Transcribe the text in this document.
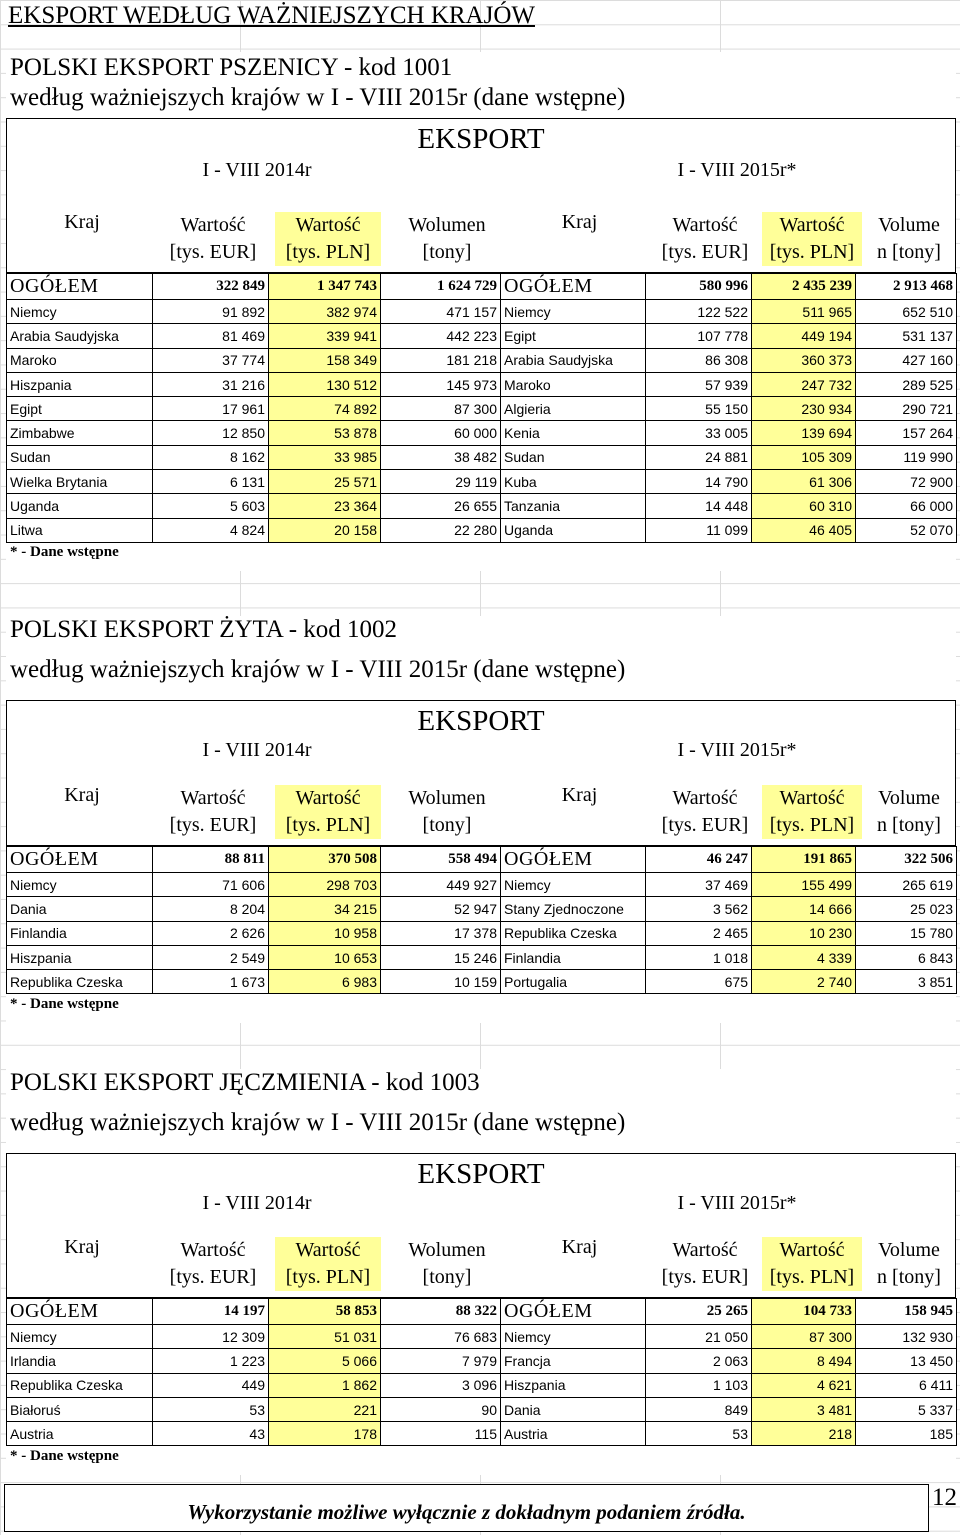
EKSPORT WEDŁUG WAŻNIEJSZYCH KRAJÓW
POLSKI EKSPORT PSZENICY - kod 1001
według ważniejszych krajów w I - VIII 2015r (dane wstępne)
EKSPORT
I - VIII 2014r	I - VIII 2015r*
Kraj	Wartość
[tys. EUR]
Wartość
[tys. PLN]
Wolumen
[tony]
Kraj	Wartość
[tys. EUR]
Wartość
[tys. PLN]
Volume
n [tony]
OGÓŁEM	322 849	1 347 743	1 624 729	OGÓŁEM	580 996	2 435 239	2 913 468
Niemcy	91 892	382 974	471 157	Niemcy	122 522	511 965	652 510
Arabia Saudyjska	81 469	339 941	442 223	Egipt	107 778	449 194	531 137
Maroko	37 774	158 349	181 218	Arabia Saudyjska	86 308	360 373	427 160
Hiszpania	31 216	130 512	145 973	Maroko	57 939	247 732	289 525
Egipt	17 961	74 892	87 300	Algieria	55 150	230 934	290 721
Zimbabwe	12 850	53 878	60 000	Kenia	33 005	139 694	157 264
Sudan	8 162	33 985	38 482	Sudan	24 881	105 309	119 990
Wielka Brytania	6 131	25 571	29 119	Kuba	14 790	61 306	72 900
Uganda	5 603	23 364	26 655	Tanzania	14 448	60 310	66 000
Litwa	4 824	20 158	22 280	Uganda	11 099	46 405	52 070
* - Dane wstępne
POLSKI EKSPORT ŻYTA - kod 1002
według ważniejszych krajów w I - VIII 2015r (dane wstępne)
EKSPORT
I - VIII 2014r	I - VIII 2015r*
Kraj	Wartość
[tys. EUR]
Wartość
[tys. PLN]
Wolumen
[tony]
Kraj	Wartość
[tys. EUR]
Wartość
[tys. PLN]
Volume
n [tony]
OGÓŁEM	88 811	370 508	558 494	OGÓŁEM	46 247	191 865	322 506
Niemcy	71 606	298 703	449 927	Niemcy	37 469	155 499	265 619
Dania	8 204	34 215	52 947	Stany Zjednoczone	3 562	14 666	25 023
Finlandia	2 626	10 958	17 378	Republika Czeska	2 465	10 230	15 780
Hiszpania	2 549	10 653	15 246	Finlandia	1 018	4 339	6 843
Republika Czeska	1 673	6 983	10 159	Portugalia	675	2 740	3 851
* - Dane wstępne
POLSKI EKSPORT JĘCZMIENIA - kod 1003
według ważniejszych krajów w I - VIII 2015r (dane wstępne)
EKSPORT
I - VIII 2014r	I - VIII 2015r*
Kraj	Wartość
[tys. EUR]
Wartość
[tys. PLN]
Wolumen
[tony]
Kraj	Wartość
[tys. EUR]
Wartość
[tys. PLN]
Volume
n [tony]
OGÓŁEM	14 197	58 853	88 322	OGÓŁEM	25 265	104 733	158 945
Niemcy	12 309	51 031	76 683	Niemcy	21 050	87 300	132 930
Irlandia	1 223	5 066	7 979	Francja	2 063	8 494	13 450
Republika Czeska	449	1 862	3 096	Hiszpania	1 103	4 621	6 411
Białoruś	53	221	90	Dania	849	3 481	5 337
Austria	43	178	115	Austria	53	218	185
* - Dane wstępne
Wykorzystanie możliwe wyłącznie z dokładnym podaniem źródła.
12
